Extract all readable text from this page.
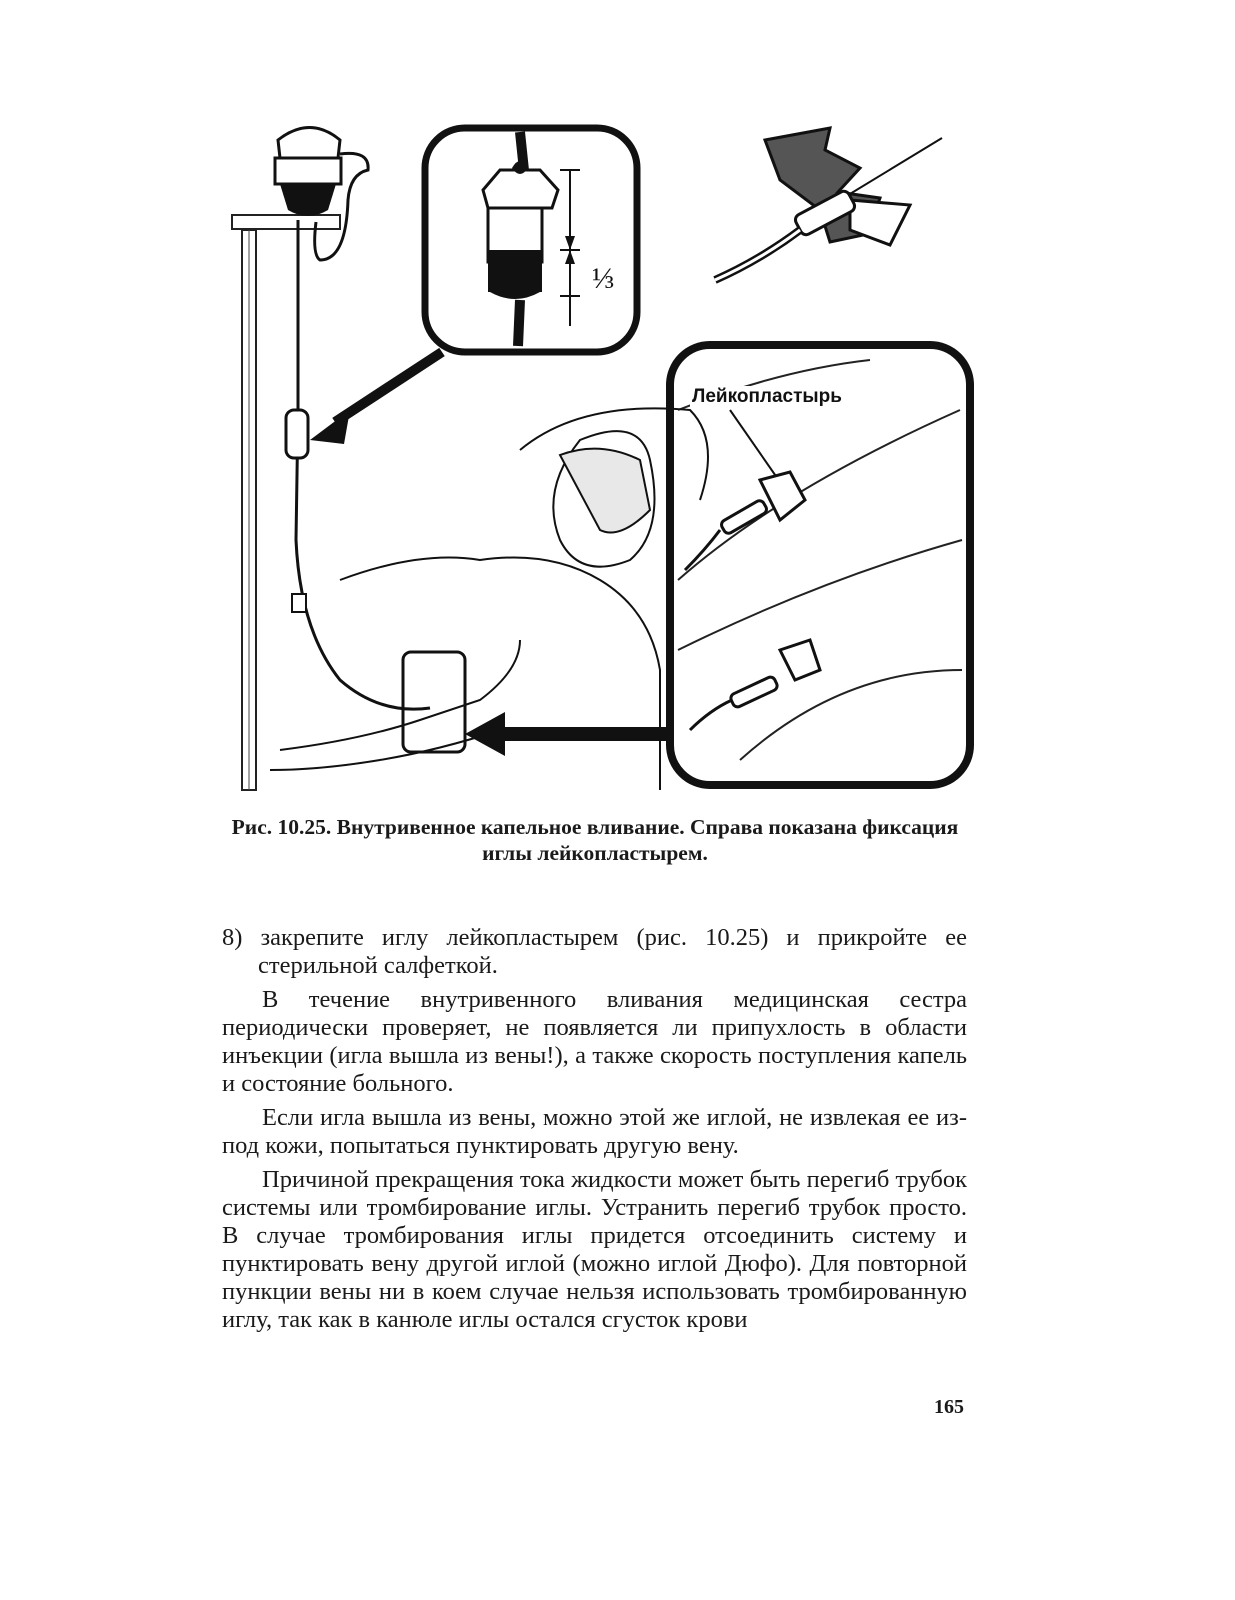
⅓
Лейкопластырь
Рис. 10.25. Внутривенное капельное вливание. Справа показана фиксация иглы лейкопластырем.

8) закрепите иглу лейкопластырем (рис. 10.25) и прикройте ее стерильной салфеткой.

В течение внутривенного вливания медицинская сестра периодически проверяет, не появляется ли припухлость в области инъекции (игла вышла из вены!), а также скорость поступления капель и состояние больного.

Если игла вышла из вены, можно этой же иглой, не извлекая ее из-под кожи, попытаться пунктировать другую вену.

Причиной прекращения тока жидкости может быть перегиб трубок системы или тромбирование иглы. Устранить перегиб трубок просто. В случае тромбирования иглы придется отсоединить систему и пунктировать вену другой иглой (можно иглой Дюфо). Для повторной пункции вены ни в коем случае нельзя использовать тромбированную иглу, так как в канюле иглы остался сгусток крови

165
